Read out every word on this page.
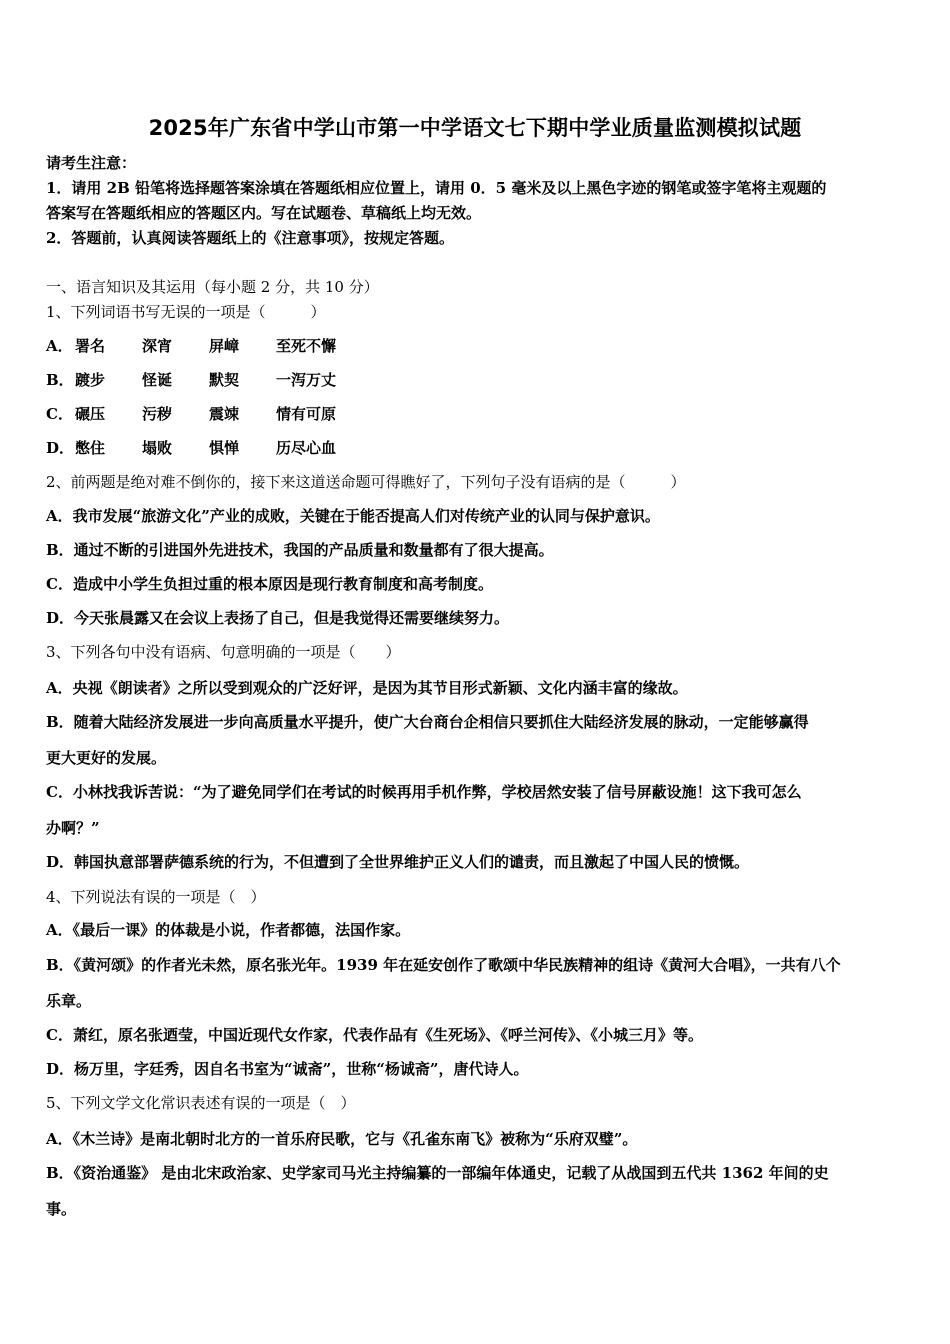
2025年广东省中学山市第一中学语文七下期中学业质量监测模拟试题
请考生注意：
1．请用 2B 铅笔将选择题答案涂填在答题纸相应位置上，请用 0．5 毫米及以上黑色字迹的钢笔或签字笔将主观题的
答案写在答题纸相应的答题区内。写在试题卷、草稿纸上均无效。
2．答题前，认真阅读答题纸上的《注意事项》，按规定答题。
一、语言知识及其运用（每小题 2 分，共 10 分）
1、下列词语书写无误的一项是（　　　）
A． 署名 深宵 屏嶂 至死不懈
B．踱步 怪诞 默契 一泻万丈
C． 碾压 污秽 震竦 情有可原
D．憋住 塌败 惧惮 历尽心血
2、前两题是绝对难不倒你的，接下来这道送命题可得瞧好了，下列句子没有语病的是（　　　）
A．我市发展“旅游文化”产业的成败，关键在于能否提高人们对传统产业的认同与保护意识。
B．通过不断的引进国外先进技术，我国的产品质量和数量都有了很大提高。
C．造成中小学生负担过重的根本原因是现行教育制度和高考制度。
D．今天张晨露又在会议上表扬了自己，但是我觉得还需要继续努力。
3、下列各句中没有语病、句意明确的一项是（　　）
A．央视《朗读者》之所以受到观众的广泛好评，是因为其节目形式新颖、文化内涵丰富的缘故。
B．随着大陆经济发展进一步向高质量水平提升，使广大台商台企相信只要抓住大陆经济发展的脉动，一定能够赢得
更大更好的发展。
C．小林找我诉苦说：“为了避免同学们在考试的时候再用手机作弊，学校居然安装了信号屏蔽设施！这下我可怎么
办啊？”
D．韩国执意部署萨德系统的行为，不但遭到了全世界维护正义人们的谴责，而且激起了中国人民的愤慨。
4、下列说法有误的一项是（　）
A．《最后一课》的体裁是小说，作者都德，法国作家。
B．《黄河颂》的作者光未然，原名张光年。1939 年在延安创作了歌颂中华民族精神的组诗《黄河大合唱》，一共有八个
乐章。
C．萧红，原名张迺莹，中国近现代女作家，代表作品有《生死场》、《呼兰河传》、《小城三月》等。
D．杨万里，字廷秀，因自名书室为“诚斋”，世称“杨诚斋”，唐代诗人。
5、下列文学文化常识表述有误的一项是（　）
A．《木兰诗》是南北朝时北方的一首乐府民歌，它与《孔雀东南飞》被称为“乐府双璧”。
B．《资治通鉴》 是由北宋政治家、史学家司马光主持编纂的一部编年体通史，记载了从战国到五代共 1362 年间的史
事。
